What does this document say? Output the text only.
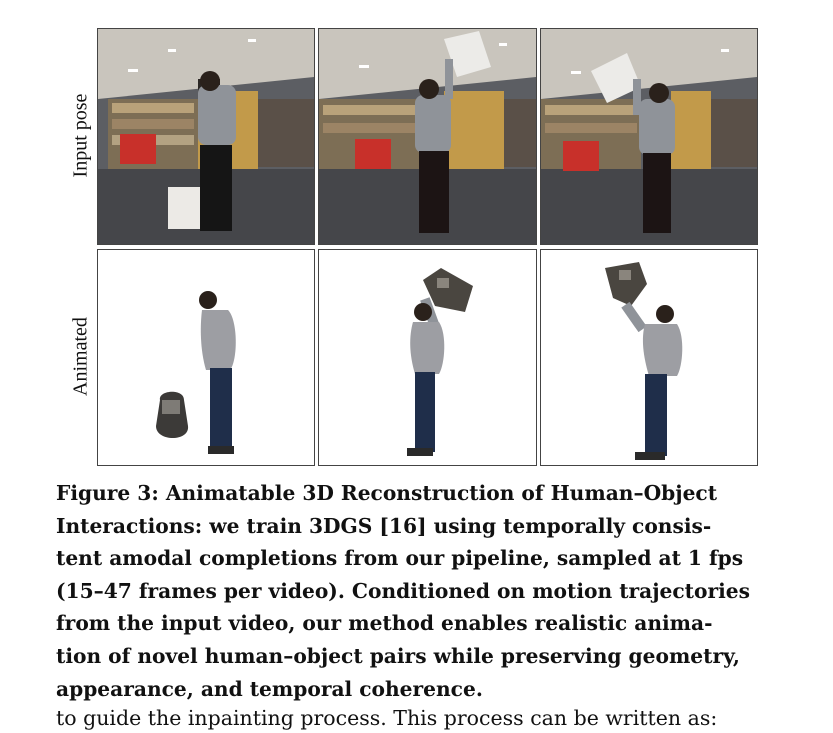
Input pose
Animated
Figure 3: Animatable 3D Reconstruction of Human–Object
Interactions: we train 3DGS [16] using temporally consis-
tent amodal completions from our pipeline, sampled at 1 fps
(15–47 frames per video). Conditioned on motion trajectories
from the input video, our method enables realistic anima-
tion of novel human–object pairs while preserving geometry,
appearance, and temporal coherence.
to guide the inpainting process. This process can be written as:
